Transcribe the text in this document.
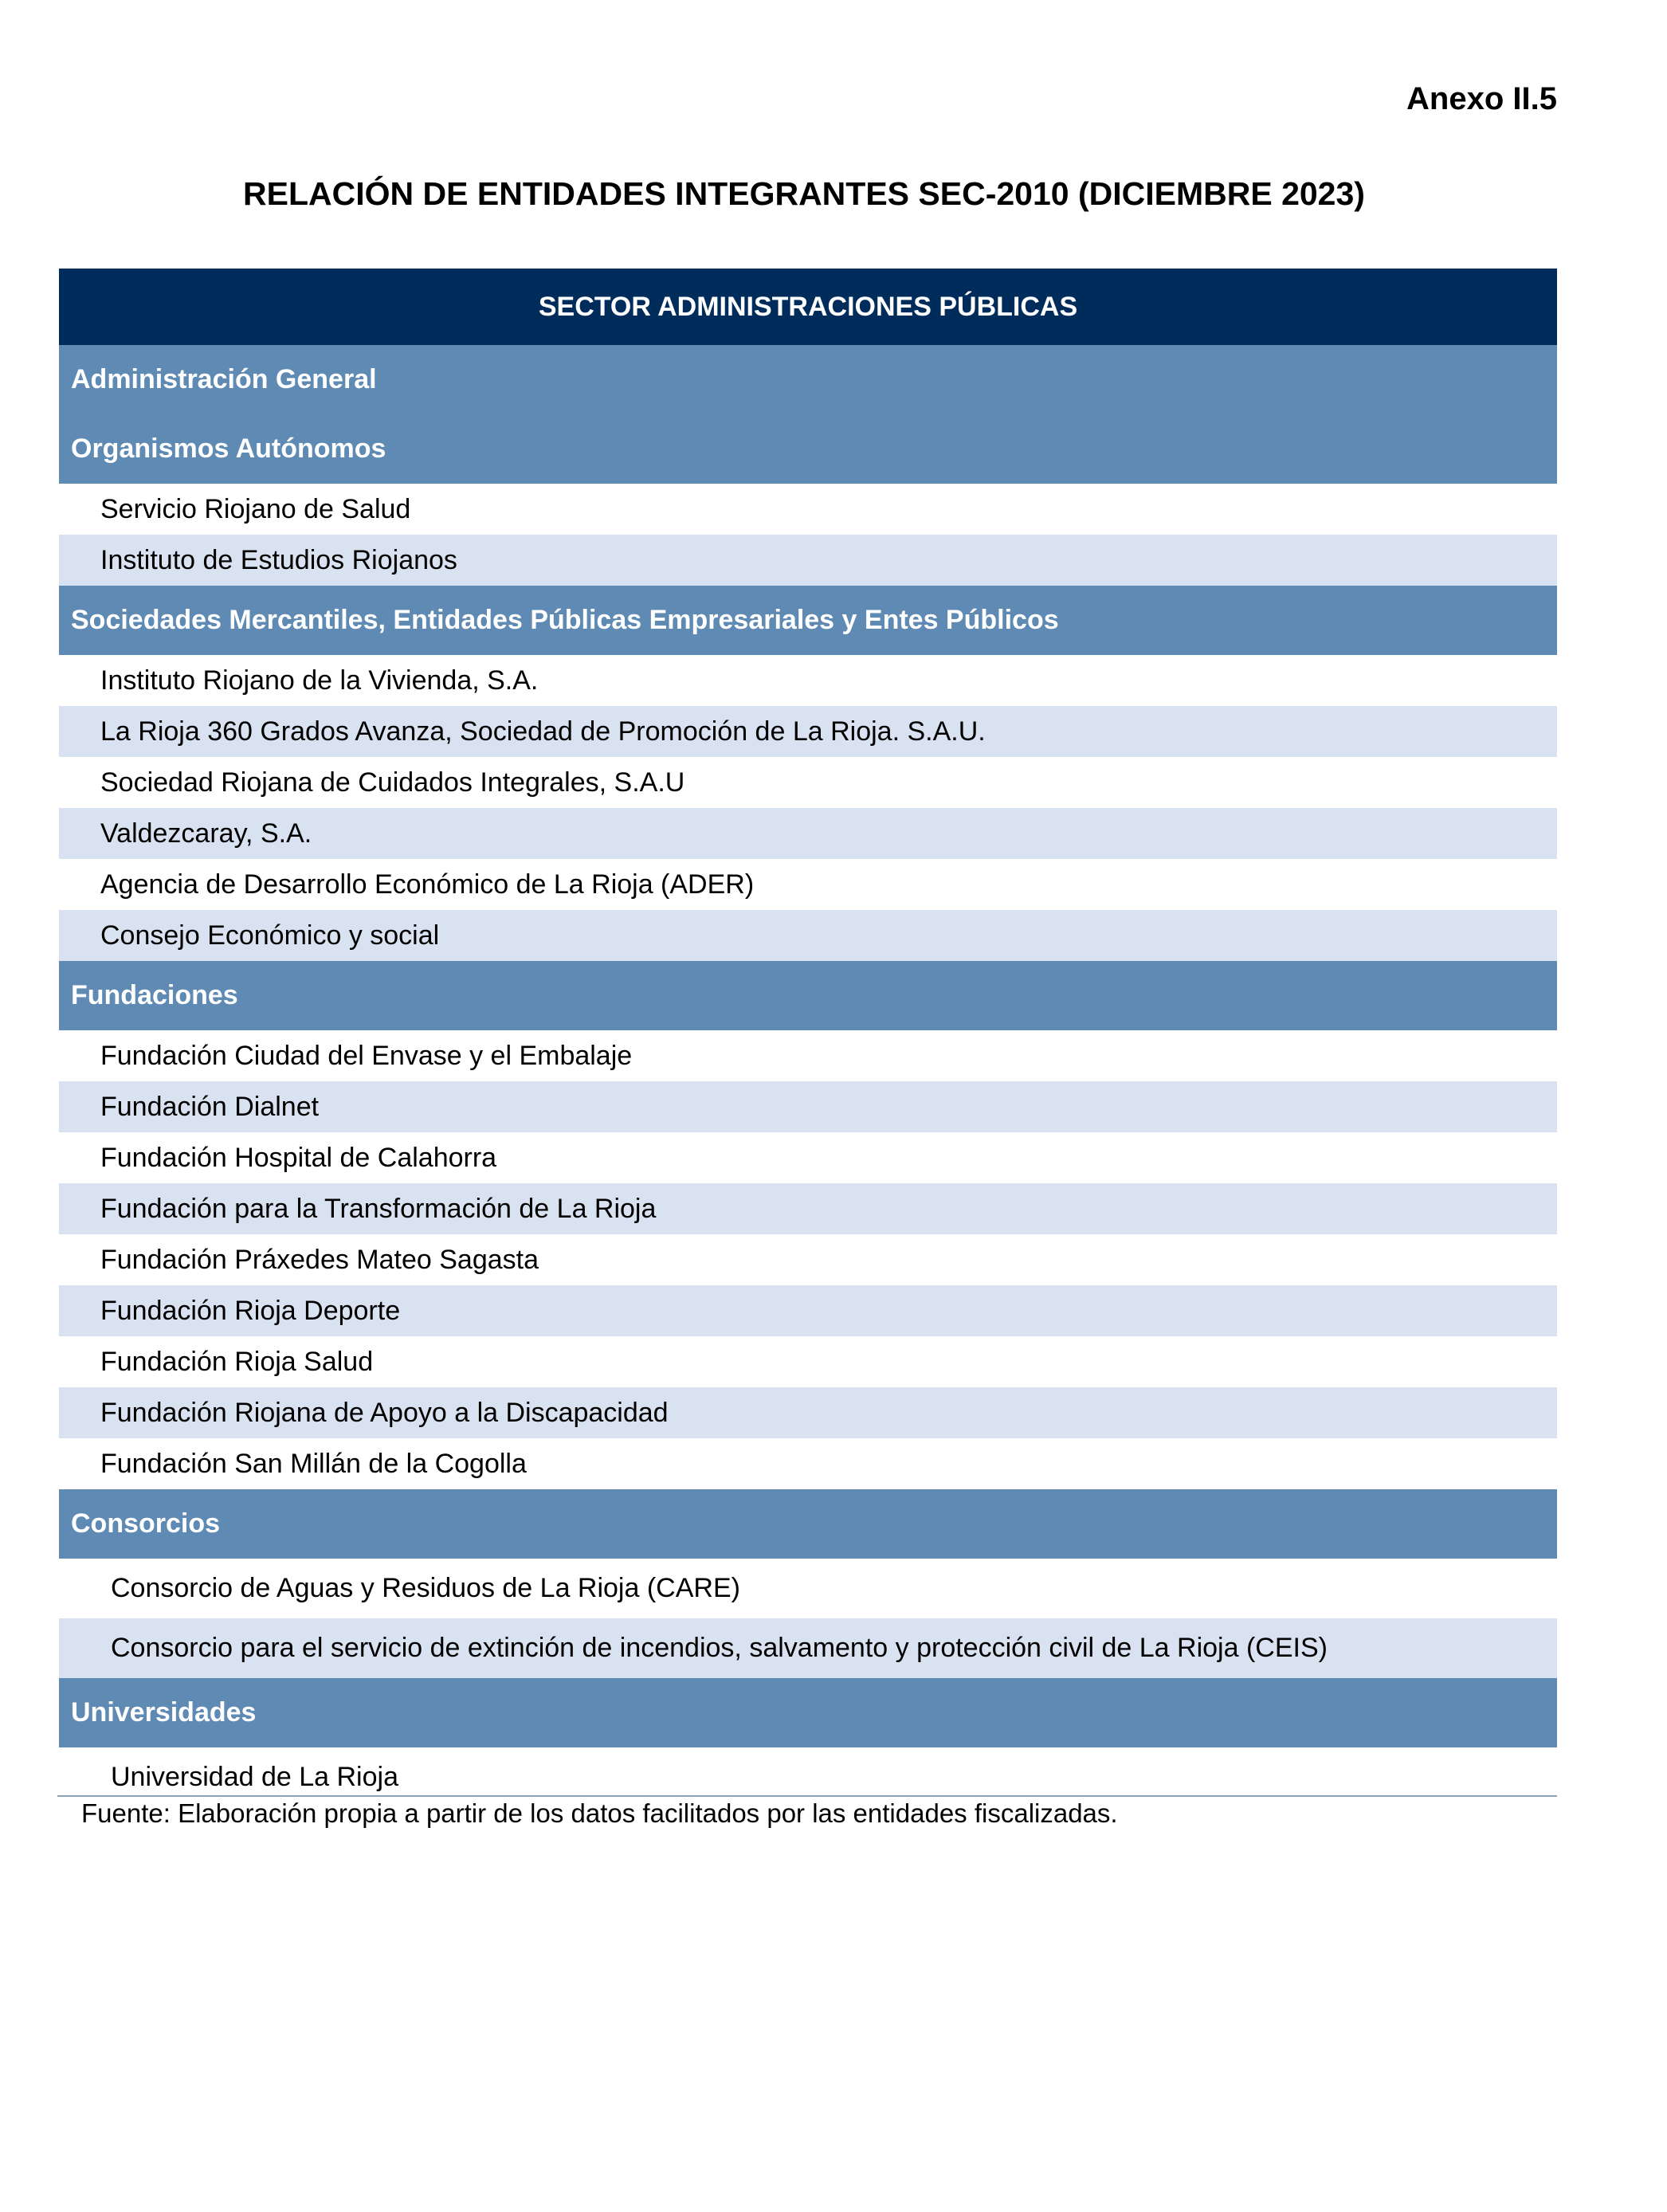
Anexo II.5
RELACIÓN DE ENTIDADES INTEGRANTES SEC-2010 (DICIEMBRE 2023)
SECTOR ADMINISTRACIONES PÚBLICAS
Administración General
Organismos Autónomos
Servicio Riojano de Salud
Instituto de Estudios Riojanos
Sociedades Mercantiles, Entidades Públicas Empresariales y Entes Públicos
Instituto Riojano de la Vivienda, S.A.
La Rioja 360 Grados Avanza, Sociedad de Promoción de La Rioja. S.A.U.
Sociedad Riojana de Cuidados Integrales, S.A.U
Valdezcaray, S.A.
Agencia de Desarrollo Económico de La Rioja (ADER)
Consejo Económico y social
Fundaciones
Fundación Ciudad del Envase y el Embalaje
Fundación Dialnet
Fundación Hospital de Calahorra
Fundación para la Transformación de La Rioja
Fundación Práxedes Mateo Sagasta
Fundación Rioja Deporte
Fundación Rioja Salud
Fundación Riojana de Apoyo a la Discapacidad
Fundación San Millán de la Cogolla
Consorcios
Consorcio de Aguas y Residuos de La Rioja (CARE)
Consorcio para el servicio de extinción de incendios, salvamento y protección civil de La Rioja (CEIS)
Universidades
Universidad de La Rioja
Fuente: Elaboración propia a partir de los datos facilitados por las entidades fiscalizadas.
